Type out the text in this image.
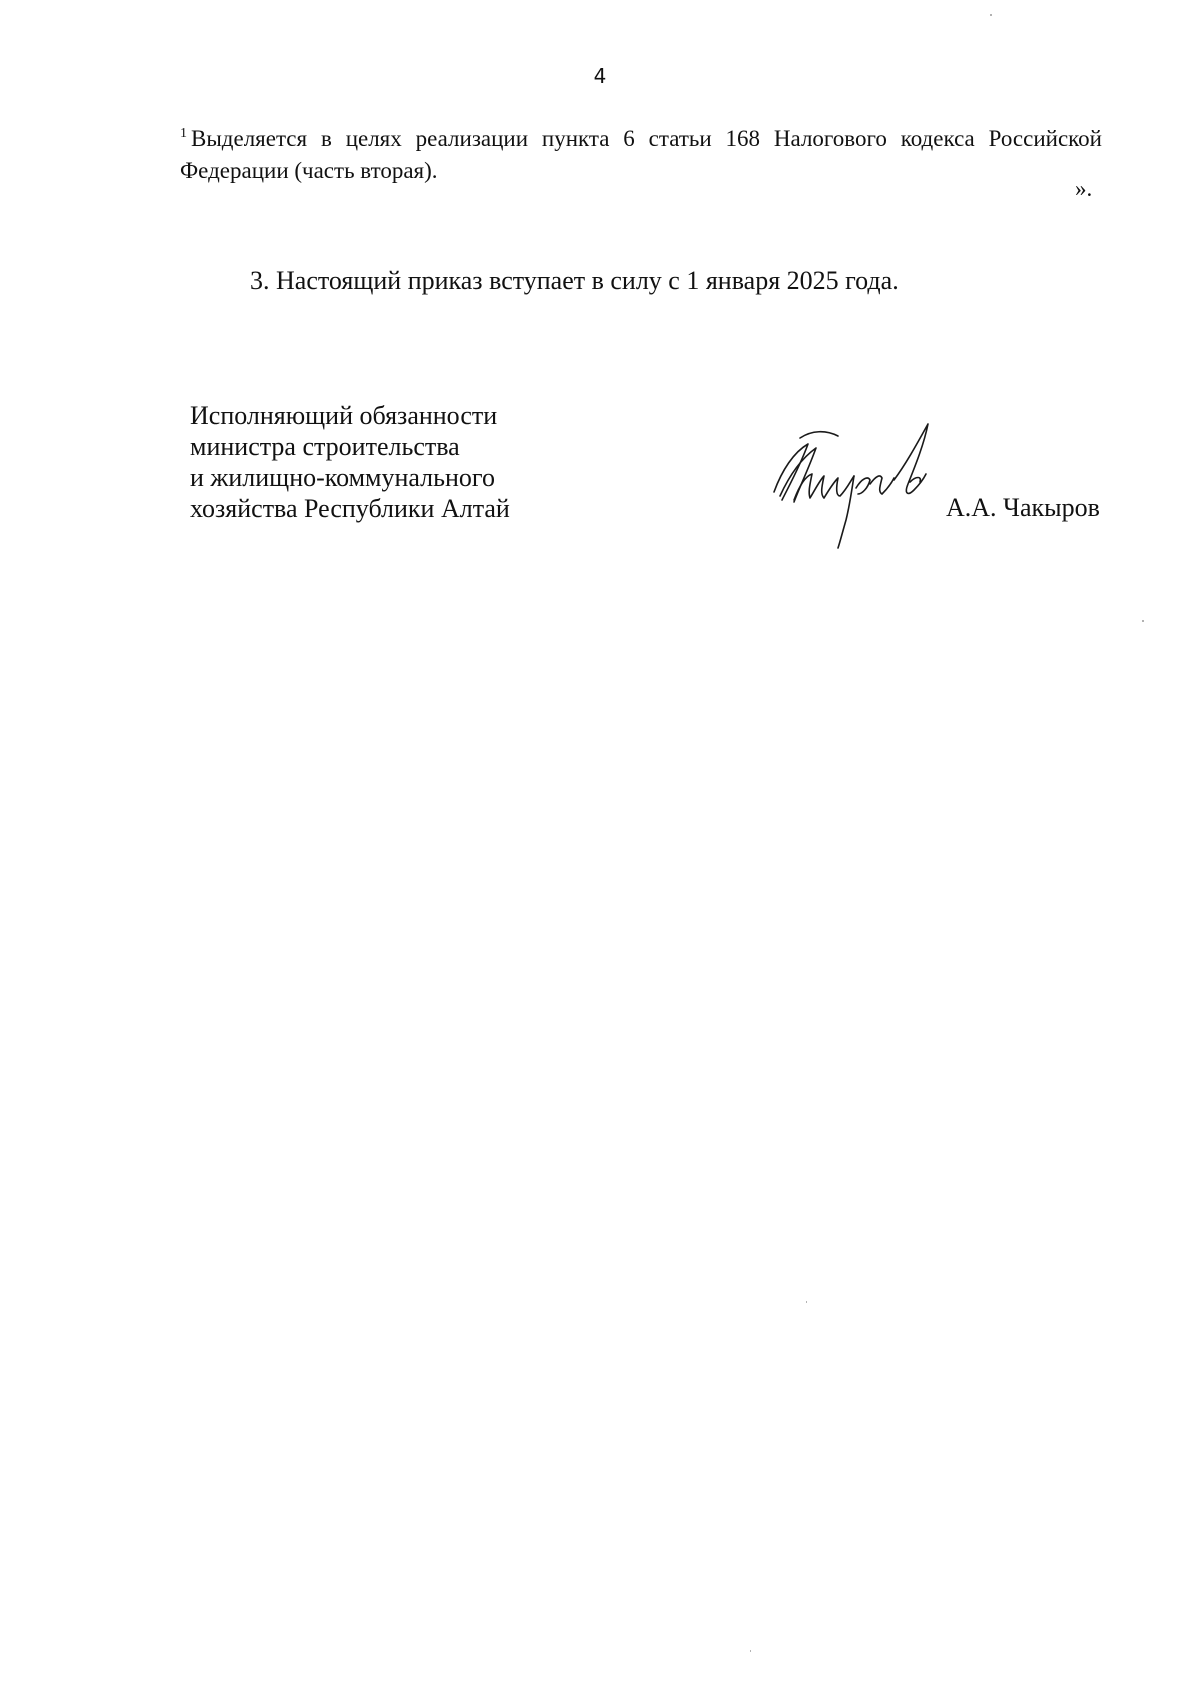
4
$^1$ Выделяется в целях реализации пункта 6 статьи 168 Налогового кодекса Российской Федерации (часть вторая).
».
3. Настоящий приказ вступает в силу с 1 января 2025 года.
Исполняющий обязанности
министра строительства
и жилищно-коммунального
хозяйства Республики Алтай	А.А. Чакыров
